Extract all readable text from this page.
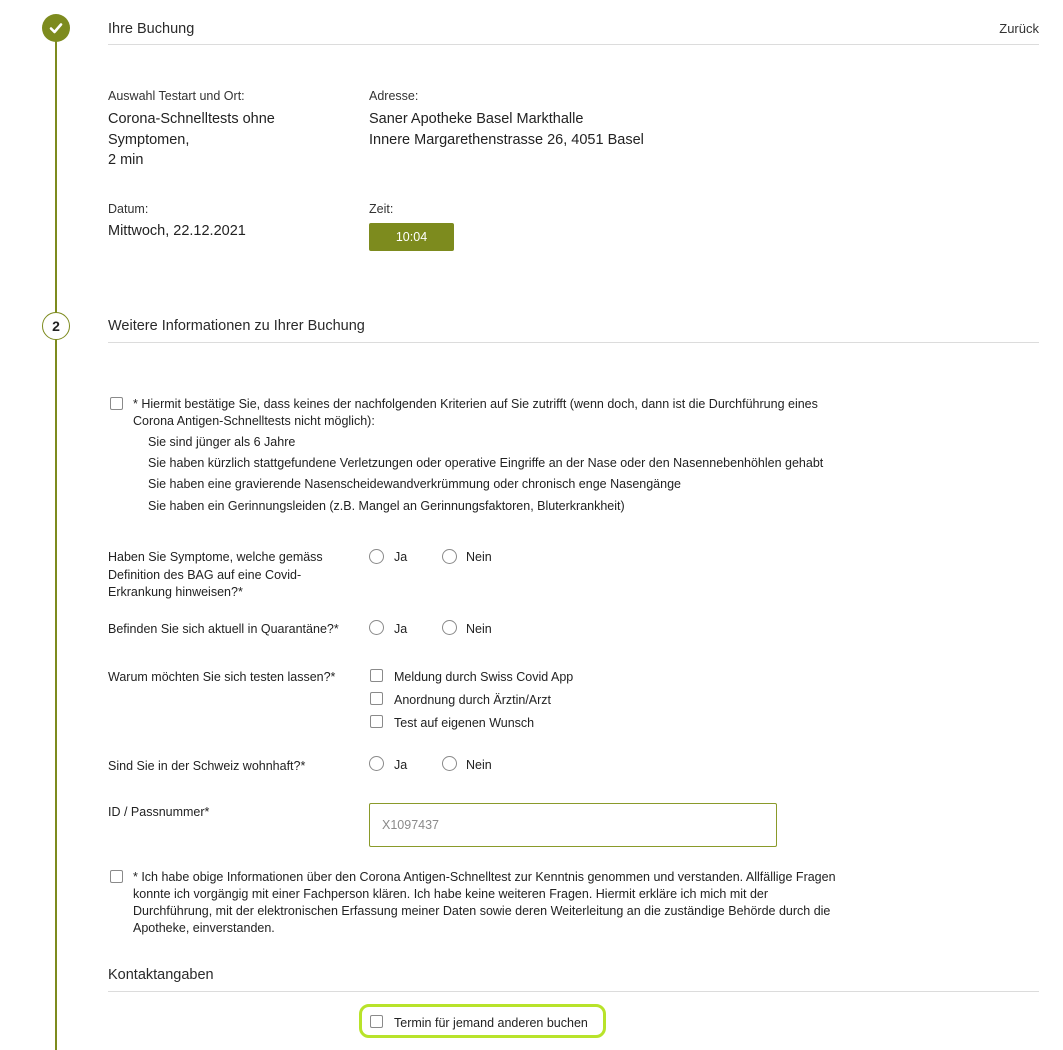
2
Ihre Buchung	Zurück
Auswahl Testart und Ort:
Corona-Schnelltests ohne
Symptomen,
2 min
Adresse:
Saner Apotheke Basel Markthalle
Innere Margarethenstrasse 26, 4051 Basel
Datum:
Mittwoch, 22.12.2021
Zeit:
10:04
Weitere Informationen zu Ihrer Buchung
* Hiermit bestätige Sie, dass keines der nachfolgenden Kriterien auf Sie zutrifft (wenn doch, dann ist die Durchführung eines
Corona Antigen-Schnelltests nicht möglich):
Sie sind jünger als 6 Jahre
Sie haben kürzlich stattgefundene Verletzungen oder operative Eingriffe an der Nase oder den Nasennebenhöhlen gehabt
Sie haben eine gravierende Nasenscheidewandverkrümmung oder chronisch enge Nasengänge
Sie haben ein Gerinnungsleiden (z.B. Mangel an Gerinnungsfaktoren, Bluterkrankheit)
Haben Sie Symptome, welche gemäss
Definition des BAG auf eine Covid-
Erkrankung hinweisen?*
Ja	Nein
Befinden Sie sich aktuell in Quarantäne?*	Ja	Nein
Warum möchten Sie sich testen lassen?*	Meldung durch Swiss Covid App
Anordnung durch Ärztin/Arzt
Test auf eigenen Wunsch
Sind Sie in der Schweiz wohnhaft?*	Ja	Nein
ID / Passnummer*
X1097437
* Ich habe obige Informationen über den Corona Antigen-Schnelltest zur Kenntnis genommen und verstanden. Allfällige Fragen
konnte ich vorgängig mit einer Fachperson klären. Ich habe keine weiteren Fragen. Hiermit erkläre ich mich mit der
Durchführung, mit der elektronischen Erfassung meiner Daten sowie deren Weiterleitung an die zuständige Behörde durch die
Apotheke, einverstanden.
Kontaktangaben
Termin für jemand anderen buchen
